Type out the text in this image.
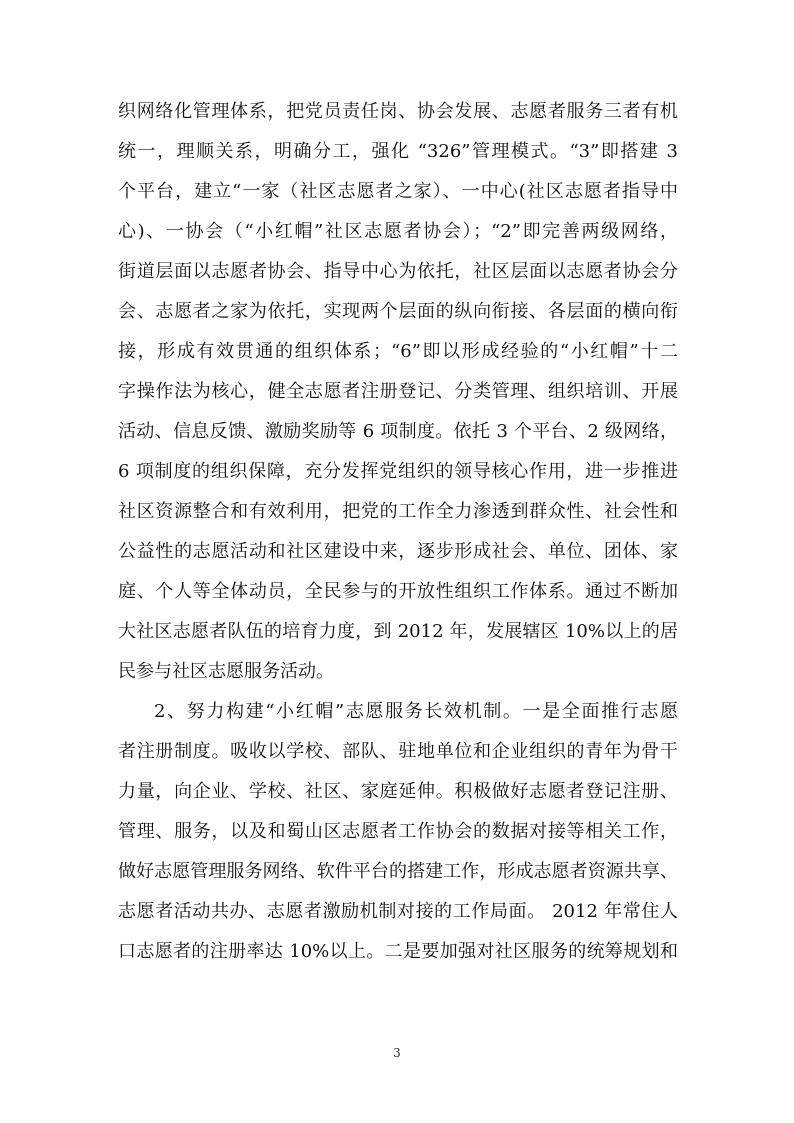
织网络化管理体系，把党员责任岗、协会发展、志愿者服务三者有机
统一，理顺关系，明确分工，强化 “326”管理模式。“3”即搭建 3
个平台，建立“一家（社区志愿者之家）、一中心(社区志愿者指导中
心)、一协会（“小红帽”社区志愿者协会）；“2”即完善两级网络，
街道层面以志愿者协会、指导中心为依托，社区层面以志愿者协会分
会、志愿者之家为依托，实现两个层面的纵向衔接、各层面的横向衔
接，形成有效贯通的组织体系；“6”即以形成经验的“小红帽”十二
字操作法为核心，健全志愿者注册登记、分类管理、组织培训、开展
活动、信息反馈、激励奖励等 6 项制度。依托 3 个平台、2 级网络，
6 项制度的组织保障，充分发挥党组织的领导核心作用，进一步推进
社区资源整合和有效利用，把党的工作全力渗透到群众性、社会性和
公益性的志愿活动和社区建设中来，逐步形成社会、单位、团体、家
庭、个人等全体动员，全民参与的开放性组织工作体系。通过不断加
大社区志愿者队伍的培育力度，到 2012 年，发展辖区 10%以上的居
民参与社区志愿服务活动。
2、努力构建“小红帽”志愿服务长效机制。一是全面推行志愿
者注册制度。吸收以学校、部队、驻地单位和企业组织的青年为骨干
力量，向企业、学校、社区、家庭延伸。积极做好志愿者登记注册、
管理、服务，以及和蜀山区志愿者工作协会的数据对接等相关工作，
做好志愿管理服务网络、软件平台的搭建工作，形成志愿者资源共享、
志愿者活动共办、志愿者激励机制对接的工作局面。 2012 年常住人
口志愿者的注册率达 10%以上。二是要加强对社区服务的统筹规划和
3
